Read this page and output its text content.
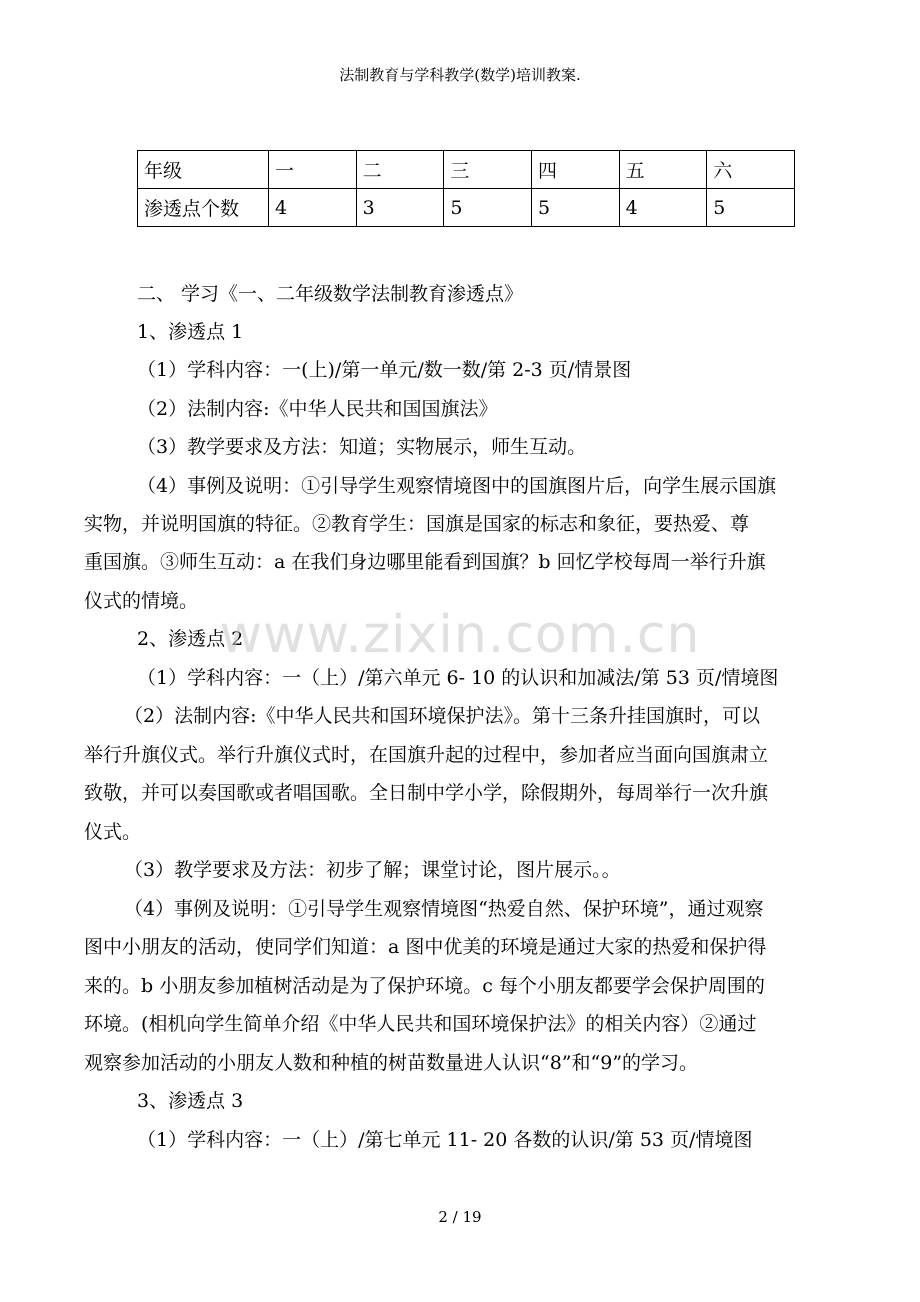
法制教育与学科教学(数学)培训教案.
年级	一	二	三	四	五	六
渗透点个数	4	3	5	5	4	5
二、 学习《一、二年级数学法制教育渗透点》
1、渗透点 1
（1）学科内容：一(上)/第一单元/数一数/第 2-3 页/情景图
（2）法制内容:《中华人民共和国国旗法》
（3）教学要求及方法：知道；实物展示，师生互动。
（4）事例及说明：①引导学生观察情境图中的国旗图片后，向学生展示国旗
实物，并说明国旗的特征。②教育学生：国旗是国家的标志和象征，要热爱、尊
重国旗。③师生互动：a 在我们身边哪里能看到国旗？b 回忆学校每周一举行升旗
仪式的情境。
2、渗透点 2
（1）学科内容：一（上）/第六单元 6- 10 的认识和加减法/第 53 页/情境图
（2）法制内容:《中华人民共和国环境保护法》。第十三条升挂国旗时，可以
举行升旗仪式。举行升旗仪式时，在国旗升起的过程中，参加者应当面向国旗肃立
致敬，并可以奏国歌或者唱国歌。全日制中学小学，除假期外，每周举行一次升旗
仪式。
（3）教学要求及方法：初步了解；课堂讨论，图片展示。。
（4）事例及说明：①引导学生观察情境图“热爱自然、保护环境”，通过观察
图中小朋友的活动，使同学们知道：a 图中优美的环境是通过大家的热爱和保护得
来的。b 小朋友参加植树活动是为了保护环境。c 每个小朋友都要学会保护周围的
环境。(相机向学生简单介绍《中华人民共和国环境保护法》的相关内容）②通过
观察参加活动的小朋友人数和种植的树苗数量进人认识“8”和“9”的学习。
3、渗透点 3
（1）学科内容：一（上）/第七单元 11- 20 各数的认识/第 53 页/情境图
www.zixin.com.cn
2 / 19
